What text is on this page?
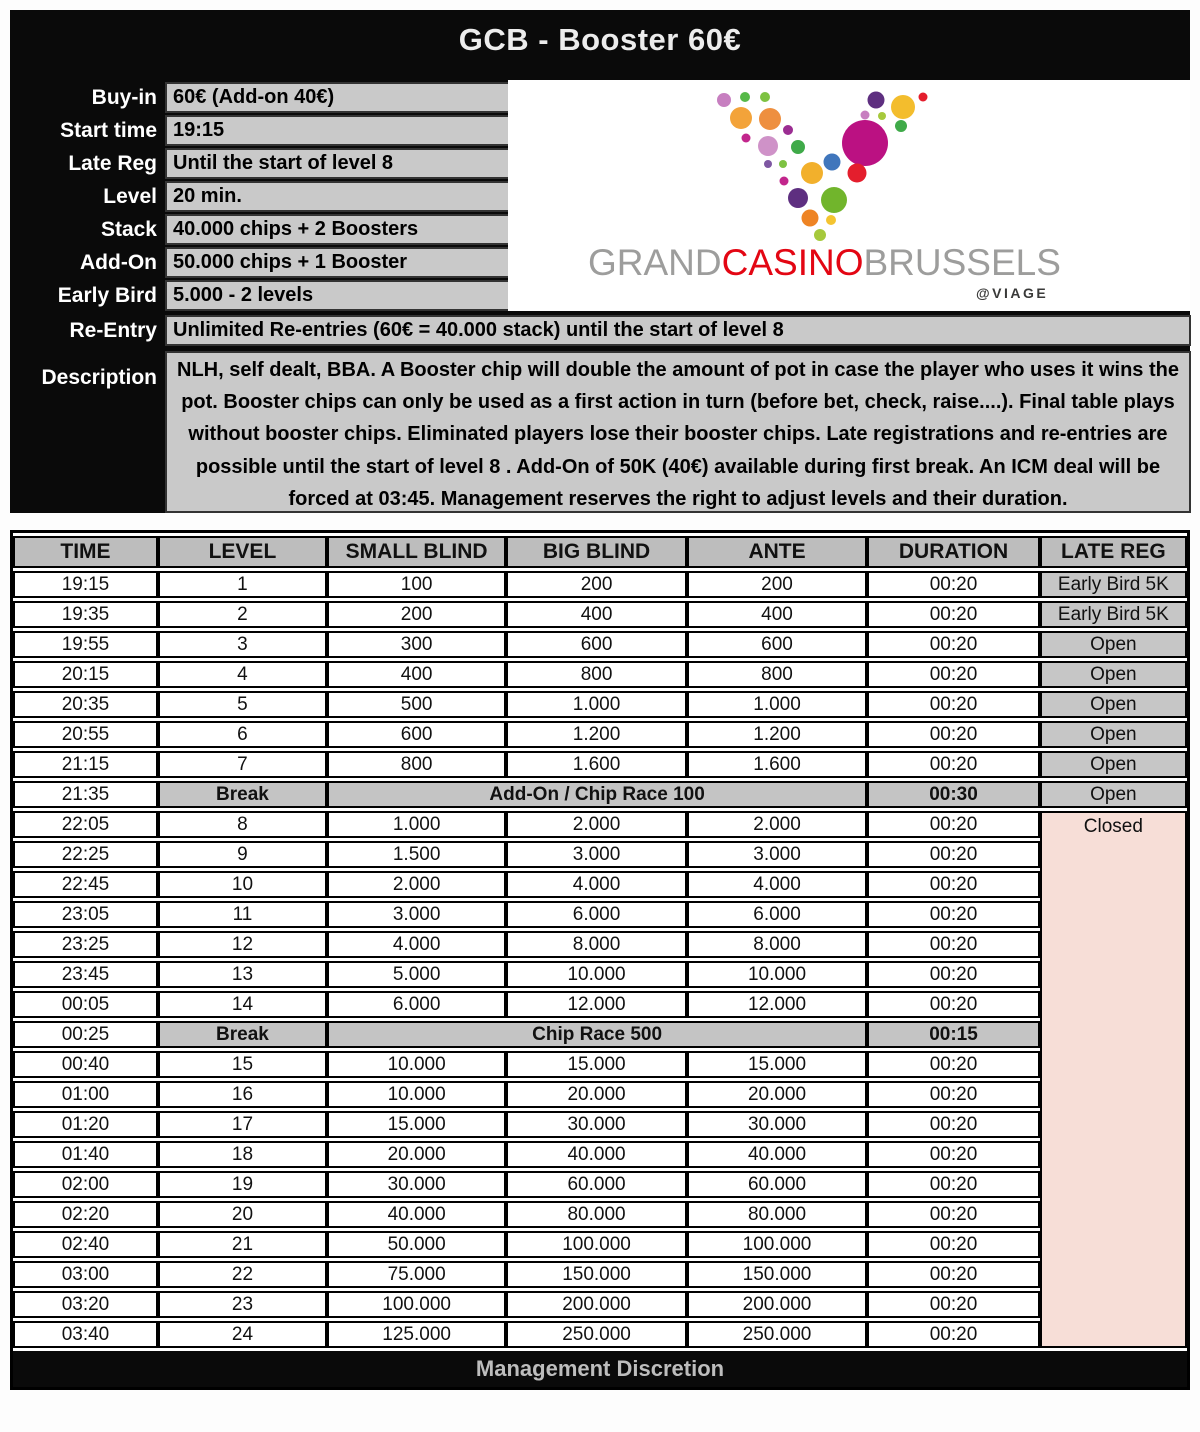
GCB - Booster 60€
Buy-in 60€ (Add-on 40€)
Start time 19:15
Late Reg Until the start of level 8
Level 20 min.
Stack 40.000 chips + 2 Boosters
Add-On 50.000 chips + 1 Booster
Early Bird 5.000 - 2 levels
Re-Entry Unlimited Re-entries (60€ = 40.000 stack) until the start of level 8
Description	NLH, self dealt, BBA. A Booster chip will double the amount of pot in case the player who uses it wins the pot. Booster chips can only be used as a first action in turn (before bet, check, raise....). Final table plays without booster chips. Eliminated players lose their booster chips. Late registrations and re-entries are possible until the start of level 8 . Add-On of 50K (40€) available during first break. An ICM deal will be forced at 03:45. Management reserves the right to adjust levels and their duration.
GRANDCASINOBRUSSELS
@VIAGE
TIME	LEVEL	SMALL BLIND	BIG BLIND	ANTE	DURATION	LATE REG
19:15	1	100	200	200	00:20	Early Bird 5K
19:35	2	200	400	400	00:20	Early Bird 5K
19:55	3	300	600	600	00:20	Open
20:15	4	400	800	800	00:20	Open
20:35	5	500	1.000	1.000	00:20	Open
20:55	6	600	1.200	1.200	00:20	Open
21:15	7	800	1.600	1.600	00:20	Open
21:35	Break	Add-On / Chip Race 100			00:30	Open
22:05	8	1.000	2.000	2.000	00:20	Closed
22:25	9	1.500	3.000	3.000	00:20	
22:45	10	2.000	4.000	4.000	00:20	
23:05	11	3.000	6.000	6.000	00:20	
23:25	12	4.000	8.000	8.000	00:20	
23:45	13	5.000	10.000	10.000	00:20	
00:05	14	6.000	12.000	12.000	00:20	
00:25	Break	Chip Race 500			00:15	
00:40	15	10.000	15.000	15.000	00:20	
01:00	16	10.000	20.000	20.000	00:20	
01:20	17	15.000	30.000	30.000	00:20	
01:40	18	20.000	40.000	40.000	00:20	
02:00	19	30.000	60.000	60.000	00:20	
02:20	20	40.000	80.000	80.000	00:20	
02:40	21	50.000	100.000	100.000	00:20	
03:00	22	75.000	150.000	150.000	00:20	
03:20	23	100.000	200.000	200.000	00:20	
03:40	24	125.000	250.000	250.000	00:20	
Management Discretion
